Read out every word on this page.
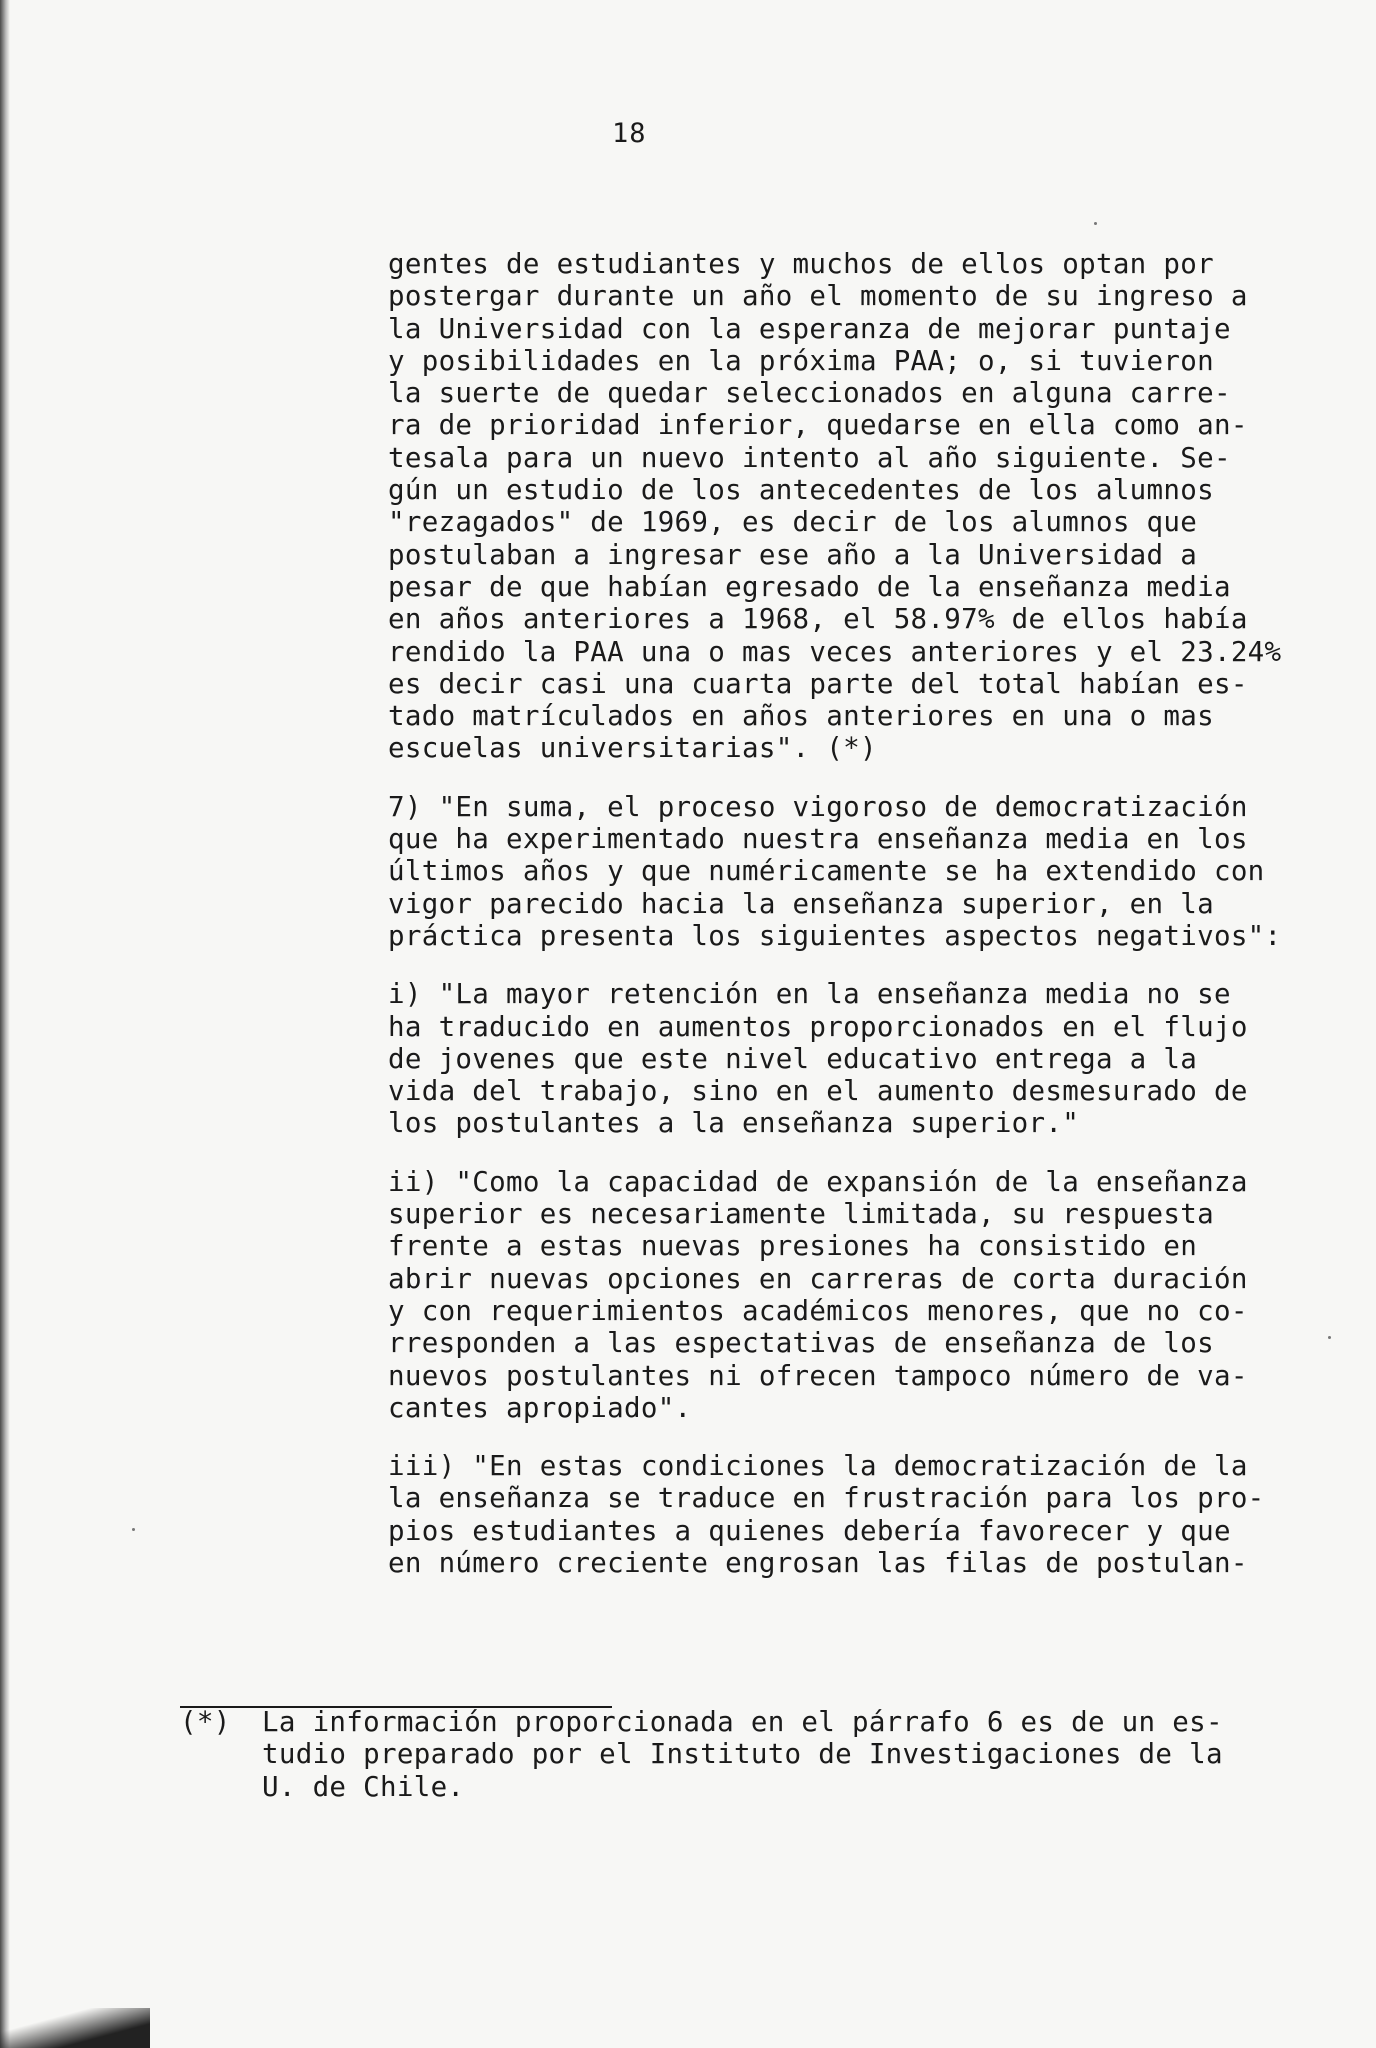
18
gentes de estudiantes y muchos de ellos optan por
postergar durante un año el momento de su ingreso a
la Universidad con la esperanza de mejorar puntaje
y posibilidades en la próxima PAA; o, si tuvieron
la suerte de quedar seleccionados en alguna carre-
ra de prioridad inferior, quedarse en ella como an-
tesala para un nuevo intento al año siguiente. Se-
gún un estudio de los antecedentes de los alumnos
"rezagados" de 1969, es decir de los alumnos que
postulaban a ingresar ese año a la Universidad a
pesar de que habían egresado de la enseñanza media
en años anteriores a 1968, el 58.97% de ellos había
rendido la PAA una o mas veces anteriores y el 23.24%
es decir casi una cuarta parte del total habían es-
tado matrículados en años anteriores en una o mas
escuelas universitarias". (*)
7) "En suma, el proceso vigoroso de democratización
que ha experimentado nuestra enseñanza media en los
últimos años y que numéricamente se ha extendido con
vigor parecido hacia la enseñanza superior, en la
práctica presenta los siguientes aspectos negativos":
i) "La mayor retención en la enseñanza media no se
ha traducido en aumentos proporcionados en el flujo
de jovenes que este nivel educativo entrega a la
vida del trabajo, sino en el aumento desmesurado de
los postulantes a la enseñanza superior."
ii) "Como la capacidad de expansión de la enseñanza
superior es necesariamente limitada, su respuesta
frente a estas nuevas presiones ha consistido en
abrir nuevas opciones en carreras de corta duración
y con requerimientos académicos menores, que no co-
rresponden a las espectativas de enseñanza de los
nuevos postulantes ni ofrecen tampoco número de va-
cantes apropiado".
iii) "En estas condiciones la democratización de la
la enseñanza se traduce en frustración para los pro-
pios estudiantes a quienes debería favorecer y que
en número creciente engrosan las filas de postulan-
(*) La información proporcionada en el párrafo 6 es de un es-
tudio preparado por el Instituto de Investigaciones de la
U. de Chile.
